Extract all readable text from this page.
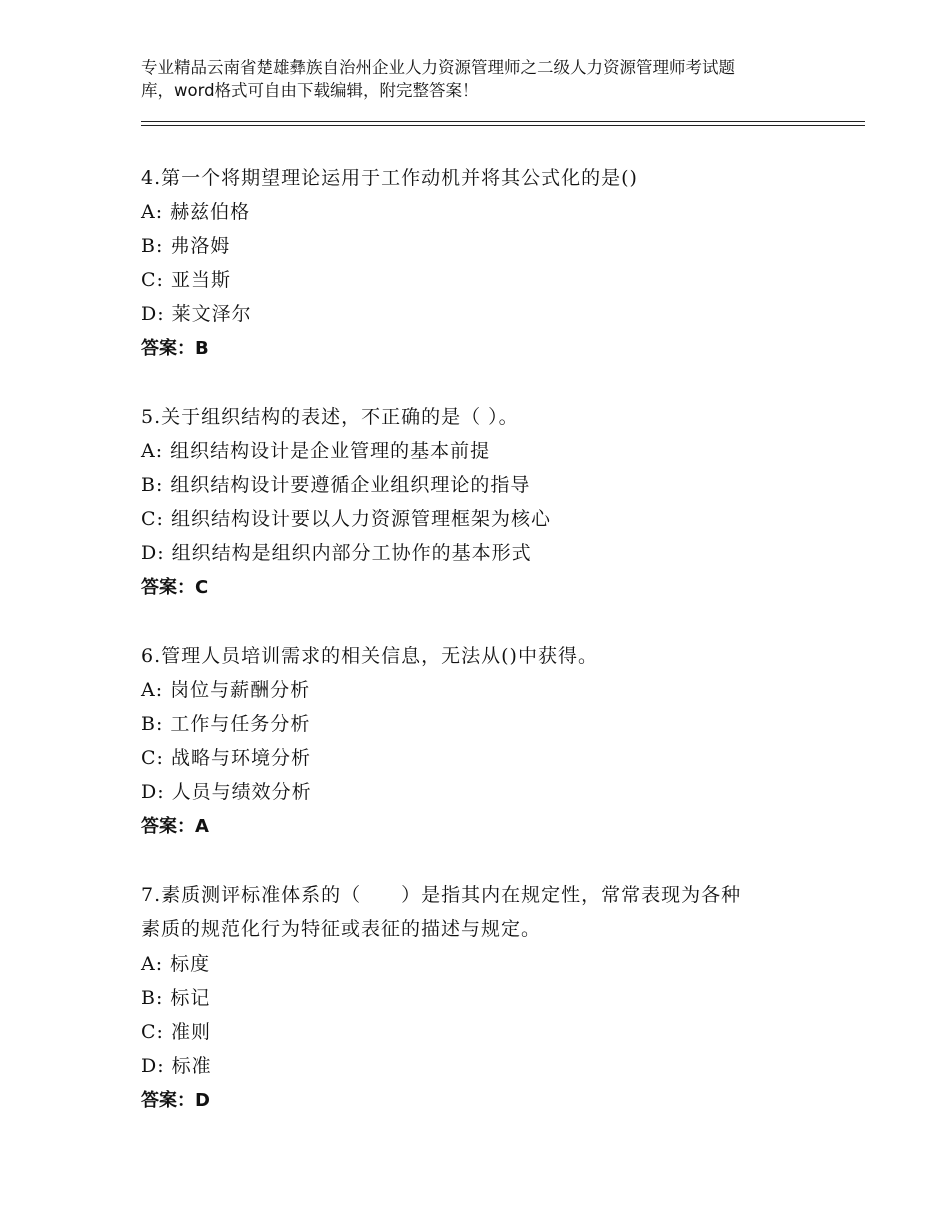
专业精品云南省楚雄彝族自治州企业人力资源管理师之二级人力资源管理师考试题
库，word格式可自由下载编辑，附完整答案！
4.第一个将期望理论运用于工作动机并将其公式化的是()
A: 赫兹伯格
B: 弗洛姆
C: 亚当斯
D: 莱文泽尔
答案：B
5.关于组织结构的表述，不正确的是（ ）。
A: 组织结构设计是企业管理的基本前提
B: 组织结构设计要遵循企业组织理论的指导
C: 组织结构设计要以人力资源管理框架为核心
D: 组织结构是组织内部分工协作的基本形式
答案：C
6.管理人员培训需求的相关信息，无法从()中获得。
A: 岗位与薪酬分析
B: 工作与任务分析
C: 战略与环境分析
D: 人员与绩效分析
答案：A
7.素质测评标准体系的（　　）是指其内在规定性，常常表现为各种
素质的规范化行为特征或表征的描述与规定。
A: 标度
B: 标记
C: 准则
D: 标准
答案：D
